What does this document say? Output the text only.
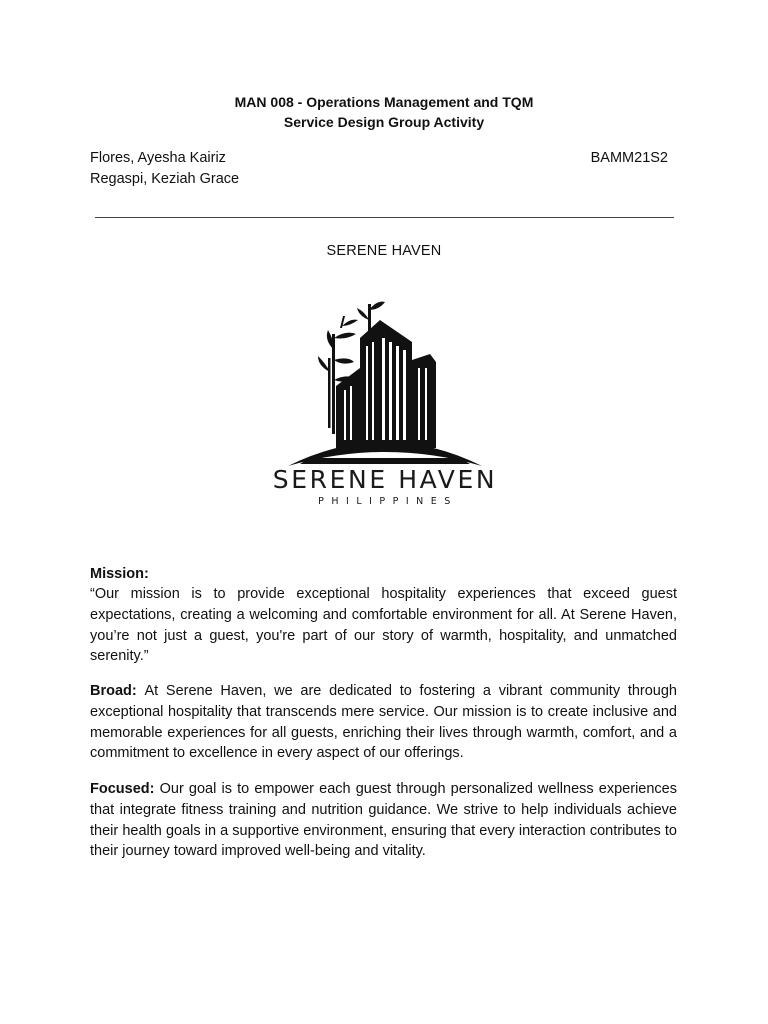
MAN 008 - Operations Management and TQM
Service Design Group Activity
Flores, Ayesha Kairiz
Regaspi, Keziah Grace
BAMM21S2
SERENE HAVEN
SERENE HAVEN
PHILIPPINES
Mission:
“Our mission is to provide exceptional hospitality experiences that exceed guest expectations, creating a welcoming and comfortable environment for all. At Serene Haven, you’re not just a guest, you're part of our story of warmth, hospitality, and unmatched serenity.”
Broad: At Serene Haven, we are dedicated to fostering a vibrant community through exceptional hospitality that transcends mere service. Our mission is to create inclusive and memorable experiences for all guests, enriching their lives through warmth, comfort, and a commitment to excellence in every aspect of our offerings.
Focused: Our goal is to empower each guest through personalized wellness experiences that integrate fitness training and nutrition guidance. We strive to help individuals achieve their health goals in a supportive environment, ensuring that every interaction contributes to their journey toward improved well-being and vitality.
